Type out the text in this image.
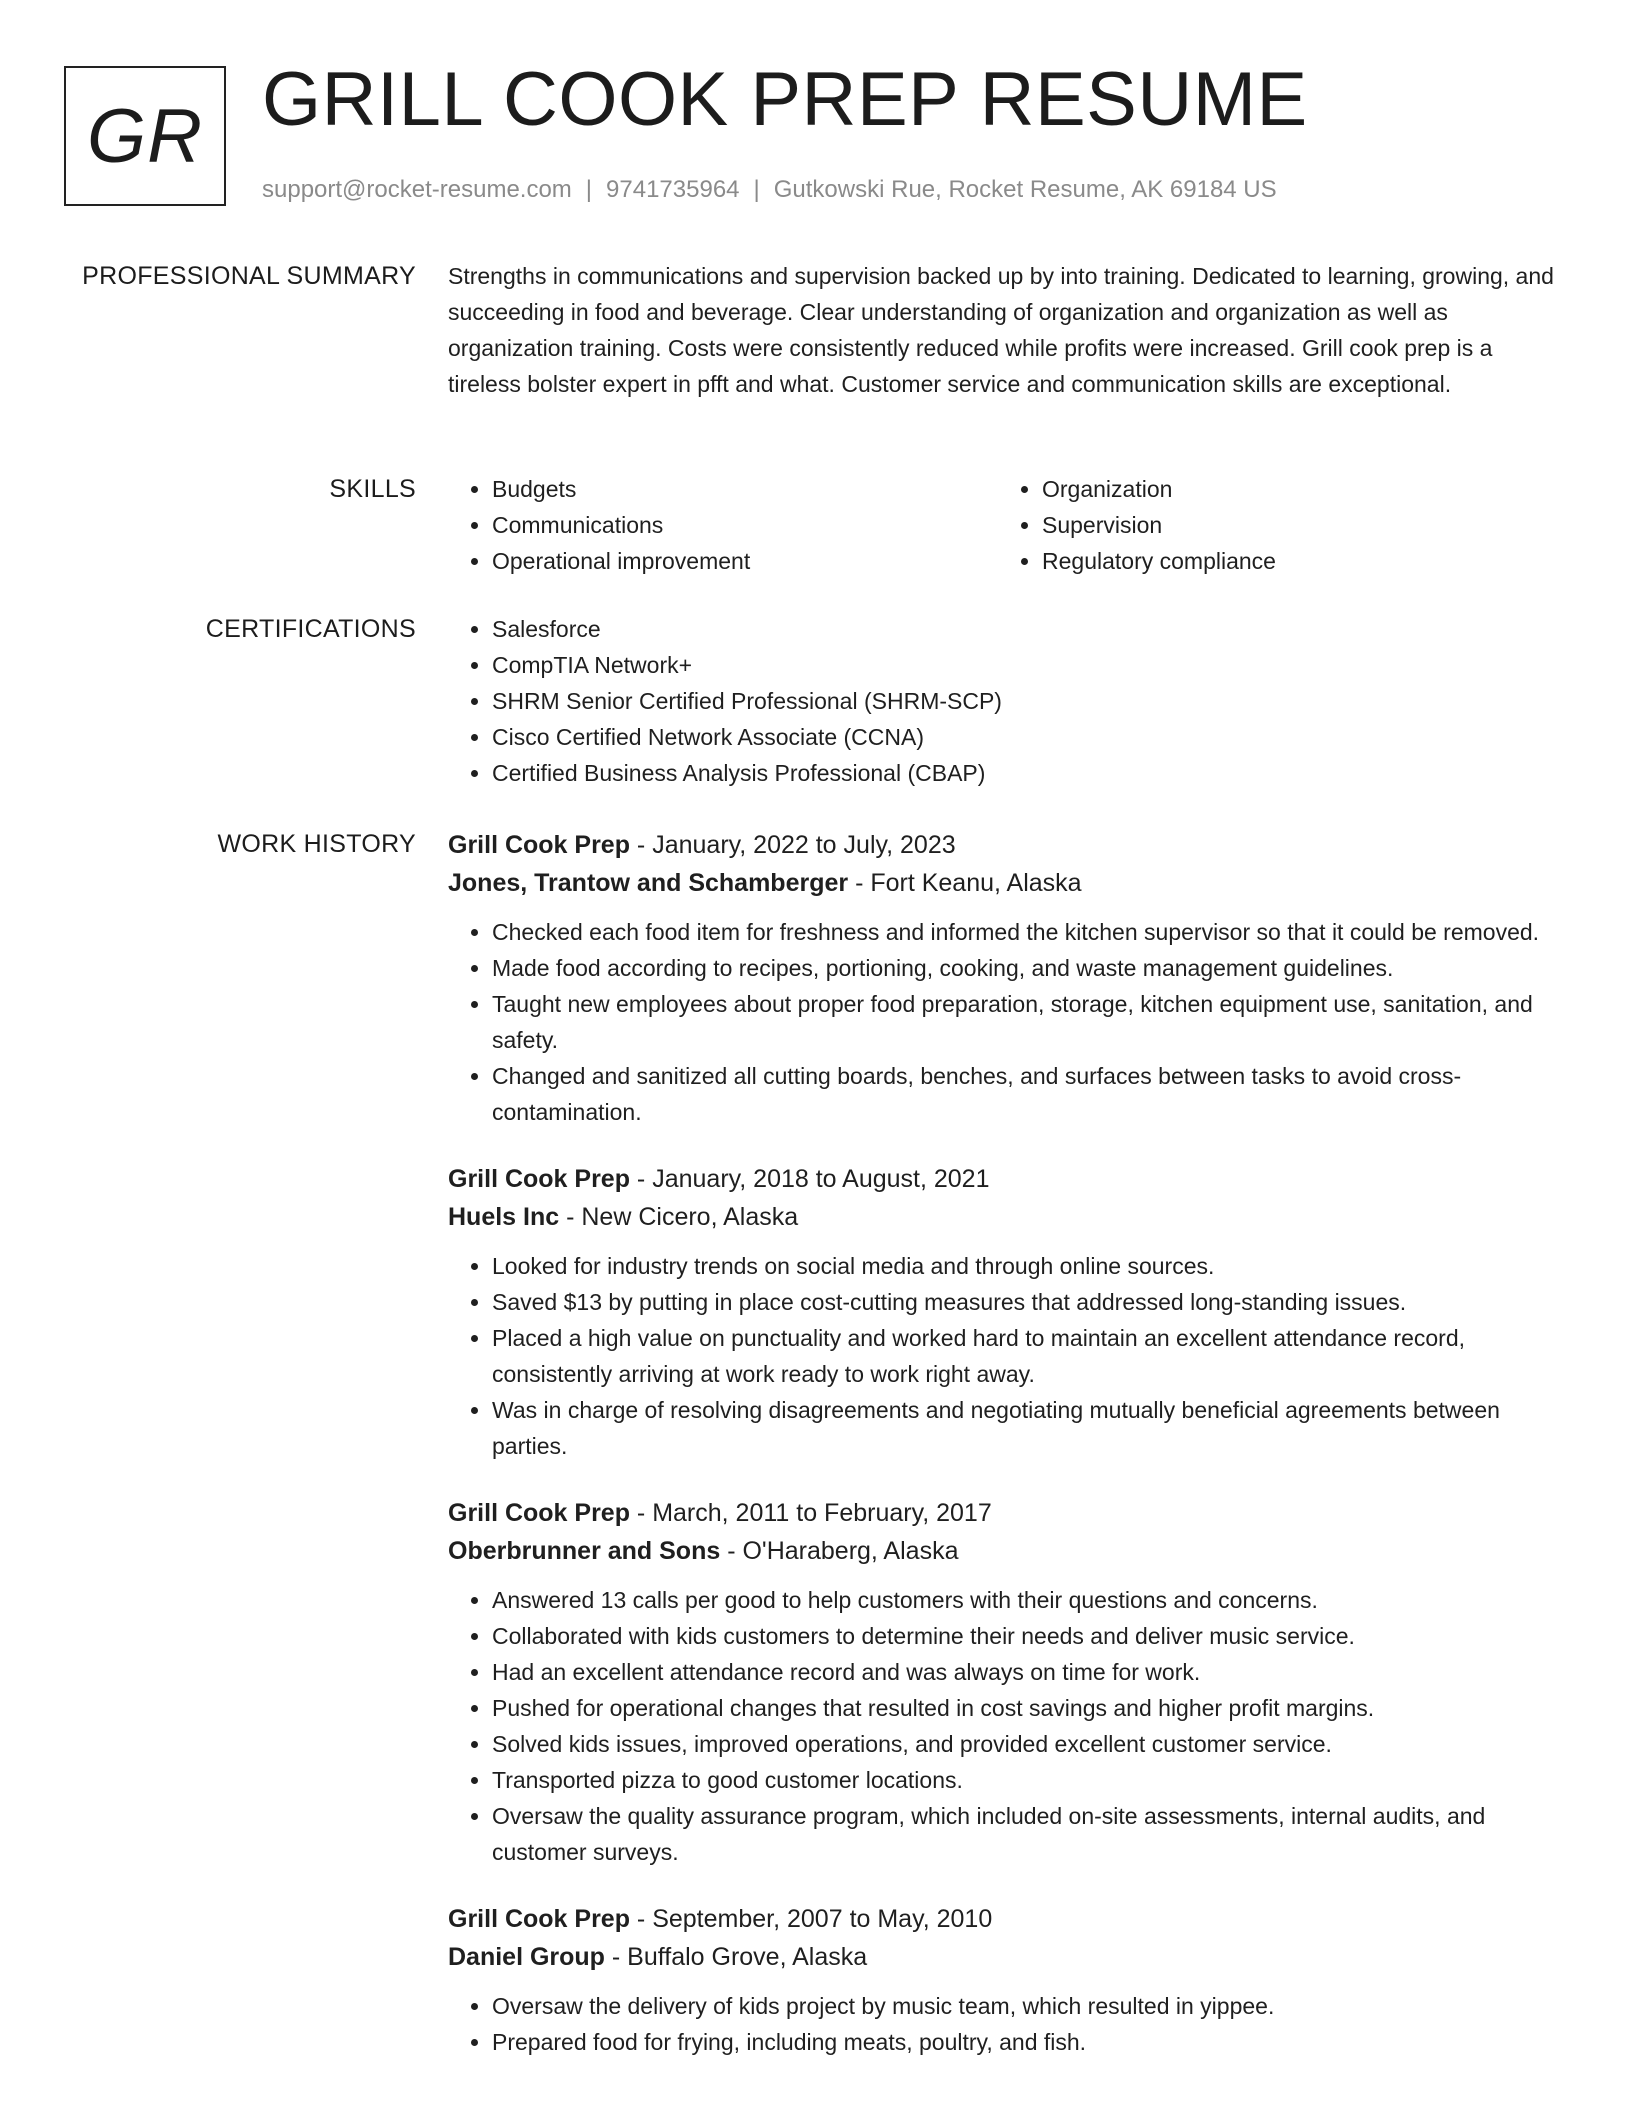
GR GRILL COOK PREP RESUME
support@rocket-resume.com | 9741735964 | Gutkowski Rue, Rocket Resume, AK 69184 US
PROFESSIONAL SUMMARY Strengths in communications and supervision backed up by into training. Dedicated to learning, growing, and succeeding in food and beverage. Clear understanding of organization and organization as well as organization training. Costs were consistently reduced while profits were increased. Grill cook prep is a tireless bolster expert in pfft and what. Customer service and communication skills are exceptional.

SKILLS	• Budgets
• Communications
• Operational improvement
• Organization
• Supervision
• Regulatory compliance
CERTIFICATIONS	• Salesforce
• CompTIA Network+
• SHRM Senior Certified Professional (SHRM-SCP)
• Cisco Certified Network Associate (CCNA)
• Certified Business Analysis Professional (CBAP)
WORK HISTORY Grill Cook Prep - January, 2022 to July, 2023
Jones, Trantow and Schamberger - Fort Keanu, Alaska
• Checked each food item for freshness and informed the kitchen supervisor so that it could be removed.
• Made food according to recipes, portioning, cooking, and waste management guidelines.
• Taught new employees about proper food preparation, storage, kitchen equipment use, sanitation, and safety.
• Changed and sanitized all cutting boards, benches, and surfaces between tasks to avoid cross-contamination.
Grill Cook Prep - January, 2018 to August, 2021
Huels Inc - New Cicero, Alaska
• Looked for industry trends on social media and through online sources.
• Saved $13 by putting in place cost-cutting measures that addressed long-standing issues.
• Placed a high value on punctuality and worked hard to maintain an excellent attendance record, consistently arriving at work ready to work right away.
• Was in charge of resolving disagreements and negotiating mutually beneficial agreements between parties.
Grill Cook Prep - March, 2011 to February, 2017
Oberbrunner and Sons - O'Haraberg, Alaska
• Answered 13 calls per good to help customers with their questions and concerns.
• Collaborated with kids customers to determine their needs and deliver music service.
• Had an excellent attendance record and was always on time for work.
• Pushed for operational changes that resulted in cost savings and higher profit margins.
• Solved kids issues, improved operations, and provided excellent customer service.
• Transported pizza to good customer locations.
• Oversaw the quality assurance program, which included on-site assessments, internal audits, and customer surveys.
Grill Cook Prep - September, 2007 to May, 2010
Daniel Group - Buffalo Grove, Alaska
• Oversaw the delivery of kids project by music team, which resulted in yippee.
• Prepared food for frying, including meats, poultry, and fish.
